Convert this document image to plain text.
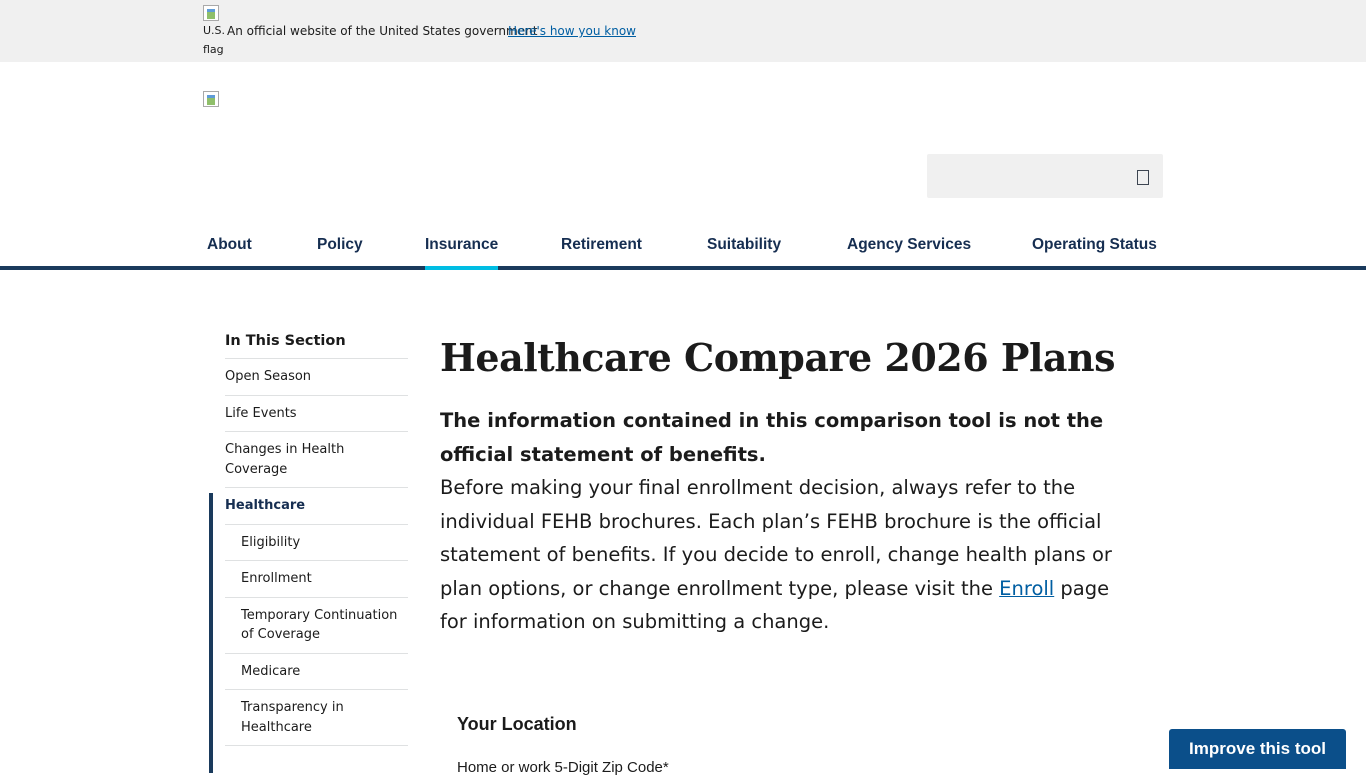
U.S. flag
An official website of the United States government
Here's how you know
About	Policy	Insurance	Retirement	Suitability	Agency Services	Operating Status
In This Section
Open Season
Life Events
Changes in Health Coverage
Healthcare
Eligibility
Enrollment
Temporary Continuation of Coverage
Medicare
Transparency in Healthcare
Healthcare Compare 2026 Plans

The information contained in this comparison tool is not the official statement of benefits.
Before making your final enrollment decision, always refer to the individual FEHB brochures. Each plan’s FEHB brochure is the official statement of benefits. If you decide to enroll, change health plans or plan options, or change enrollment type, please visit the Enroll page for information on submitting a change.

Your Location
Home or work 5-Digit Zip Code*
Improve this tool
